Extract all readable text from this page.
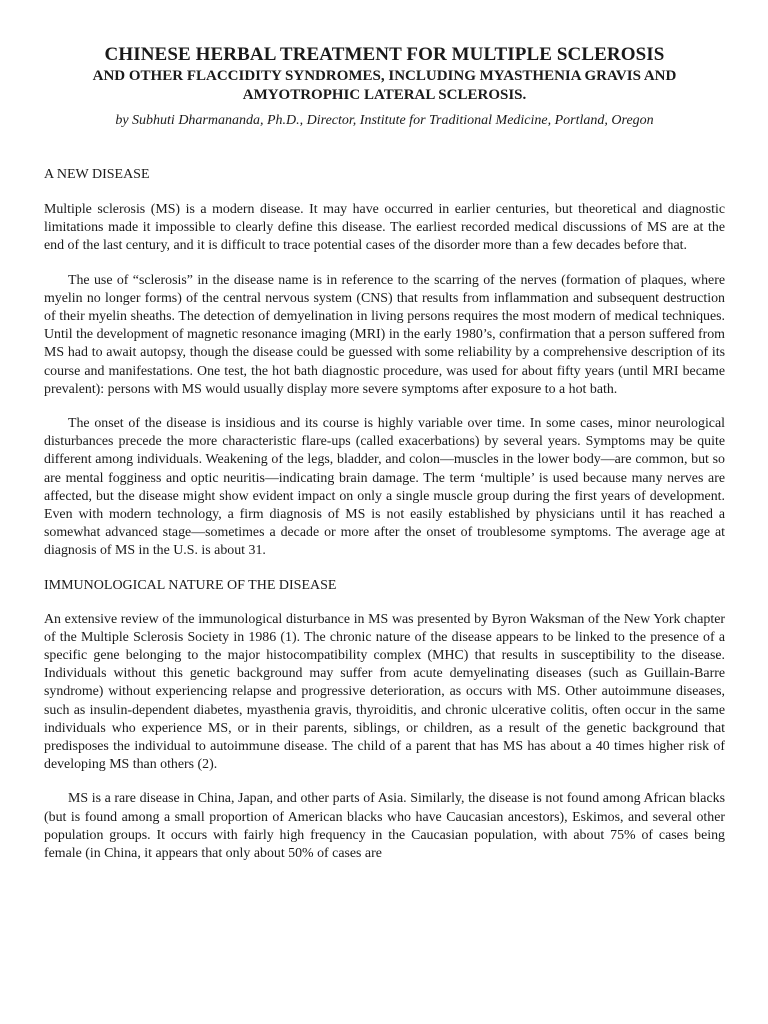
CHINESE HERBAL TREATMENT FOR MULTIPLE SCLEROSIS
AND OTHER FLACCIDITY SYNDROMES, INCLUDING MYASTHENIA GRAVIS AND AMYOTROPHIC LATERAL SCLEROSIS.

by Subhuti Dharmananda, Ph.D., Director, Institute for Traditional Medicine, Portland, Oregon

A NEW DISEASE

Multiple sclerosis (MS) is a modern disease. It may have occurred in earlier centuries, but theoretical and diagnostic limitations made it impossible to clearly define this disease. The earliest recorded medical discussions of MS are at the end of the last century, and it is difficult to trace potential cases of the disorder more than a few decades before that.

The use of “sclerosis” in the disease name is in reference to the scarring of the nerves (formation of plaques, where myelin no longer forms) of the central nervous system (CNS) that results from inflammation and subsequent destruction of their myelin sheaths. The detection of demyelination in living persons requires the most modern of medical techniques. Until the development of magnetic resonance imaging (MRI) in the early 1980’s, confirmation that a person suffered from MS had to await autopsy, though the disease could be guessed with some reliability by a comprehensive description of its course and manifestations. One test, the hot bath diagnostic procedure, was used for about fifty years (until MRI became prevalent): persons with MS would usually display more severe symptoms after exposure to a hot bath.

The onset of the disease is insidious and its course is highly variable over time. In some cases, minor neurological disturbances precede the more characteristic flare-ups (called exacerbations) by several years. Symptoms may be quite different among individuals. Weakening of the legs, bladder, and colon—muscles in the lower body—are common, but so are mental fogginess and optic neuritis—indicating brain damage. The term ‘multiple’ is used because many nerves are affected, but the disease might show evident impact on only a single muscle group during the first years of development. Even with modern technology, a firm diagnosis of MS is not easily established by physicians until it has reached a somewhat advanced stage—sometimes a decade or more after the onset of troublesome symptoms. The average age at diagnosis of MS in the U.S. is about 31.

IMMUNOLOGICAL NATURE OF THE DISEASE

An extensive review of the immunological disturbance in MS was presented by Byron Waksman of the New York chapter of the Multiple Sclerosis Society in 1986 (1). The chronic nature of the disease appears to be linked to the presence of a specific gene belonging to the major histocompatibility complex (MHC) that results in susceptibility to the disease. Individuals without this genetic background may suffer from acute demyelinating diseases (such as Guillain-Barre syndrome) without experiencing relapse and progressive deterioration, as occurs with MS. Other autoimmune diseases, such as insulin-dependent diabetes, myasthenia gravis, thyroiditis, and chronic ulcerative colitis, often occur in the same individuals who experience MS, or in their parents, siblings, or children, as a result of the genetic background that predisposes the individual to autoimmune disease. The child of a parent that has MS has about a 40 times higher risk of developing MS than others (2).

MS is a rare disease in China, Japan, and other parts of Asia. Similarly, the disease is not found among African blacks (but is found among a small proportion of American blacks who have Caucasian ancestors), Eskimos, and several other population groups. It occurs with fairly high frequency in the Caucasian population, with about 75% of cases being female (in China, it appears that only about 50% of cases are
